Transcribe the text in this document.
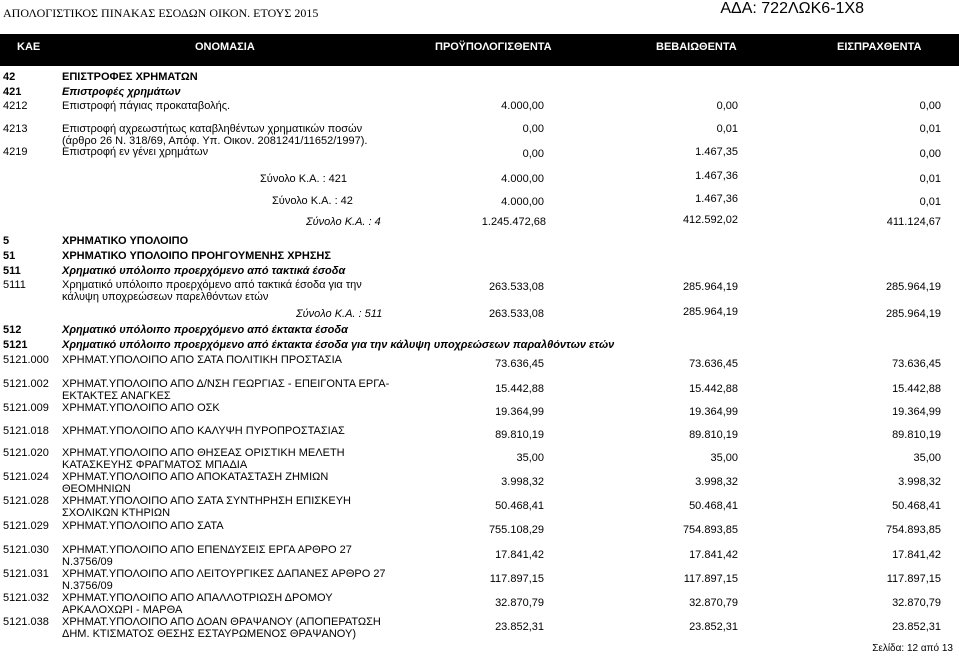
ΑΠΟΛΟΓΙΣΤΙΚΟΣ ΠΙΝΑΚΑΣ ΕΣΟΔΩΝ ΟΙΚΟΝ. ΕΤΟΥΣ 2015	ΑΔΑ: 722ΛΩΚ6-1Χ8
ΚΑΕ	ΟΝΟΜΑΣΙΑ	ΠΡΟΫΠΟΛΟΓΙΣΘΕΝΤΑ	ΒΕΒΑΙΩΘΕΝΤΑ	ΕΙΣΠΡΑΧΘΕΝΤΑ
42	ΕΠΙΣΤΡΟΦΕΣ ΧΡΗΜΑΤΩΝ
421	Επιστροφές χρημάτων
4212	Επιστροφή πάγιας προκαταβολής.	4.000,00	0,00	0,00
4213	Επιστροφή αχρεωστήτως καταβληθέντων χρηματικών ποσών
(άρθρο 26 Ν. 318/69, Απόφ. Υπ. Οικον. 2081241/11652/1997).
0,00	0,01	0,01
4219	Επιστροφή εν γένει χρημάτων	0,00	1.467,35	0,00
Σύνολο Κ.Α. : 421	4.000,00	1.467,36	0,01
Σύνολο Κ.Α. : 42	4.000,00	1.467,36	0,01
Σύνολο Κ.Α. : 4	1.245.472,68	412.592,02	411.124,67
5	ΧΡΗΜΑΤΙΚΟ ΥΠΟΛΟΙΠΟ
51	ΧΡΗΜΑΤΙΚΟ ΥΠΟΛΟΙΠΟ ΠΡΟΗΓΟΥΜΕΝΗΣ ΧΡΗΣΗΣ
511	Χρηματικό υπόλοιπο προερχόμενο από τακτικά έσοδα
5111	Χρηματικό υπόλοιπο προερχόμενο από τακτικά έσοδα για την
κάλυψη υποχρεώσεων παρελθόντων ετών
263.533,08	285.964,19	285.964,19
Σύνολο Κ.Α. : 511	263.533,08	285.964,19	285.964,19
512	Χρηματικό υπόλοιπο προερχόμενο από έκτακτα έσοδα
5121	Χρηματικό υπόλοιπο προερχόμενο από έκτακτα έσοδα για την κάλυψη υποχρεώσεων παραλθόντων ετών
5121.000 ΧΡΗΜΑΤ.ΥΠΟΛΟΙΠΟ ΑΠΟ ΣΑΤΑ ΠΟΛΙΤΙΚΗ ΠΡΟΣΤΑΣΙΑ	73.636,45	73.636,45	73.636,45
5121.002 ΧΡΗΜΑΤ.ΥΠΟΛΟΙΠΟ ΑΠΟ Δ/ΝΣΗ ΓΕΩΡΓΙΑΣ - ΕΠΕΙΓΟΝΤΑ ΕΡΓΑ-
ΕΚΤΑΚΤΕΣ ΑΝΑΓΚΕΣ
15.442,88	15.442,88	15.442,88
5121.009 ΧΡΗΜΑΤ.ΥΠΟΛΟΙΠΟ ΑΠΟ ΟΣΚ	19.364,99	19.364,99	19.364,99
5121.018 ΧΡΗΜΑΤ.ΥΠΟΛΟΙΠΟ ΑΠΟ ΚΑΛΥΨΗ ΠΥΡΟΠΡΟΣΤΑΣΙΑΣ	89.810,19	89.810,19	89.810,19
5121.020 ΧΡΗΜΑΤ.ΥΠΟΛΟΙΠΟ ΑΠΟ ΘΗΣΕΑΣ ΟΡΙΣΤΙΚΗ ΜΕΛΕΤΗ
ΚΑΤΑΣΚΕΥΗΣ ΦΡΑΓΜΑΤΟΣ ΜΠΑΔΙΑ
35,00	35,00	35,00
5121.024 ΧΡΗΜΑΤ.ΥΠΟΛΟΙΠΟ ΑΠΟ ΑΠΟΚΑΤΑΣΤΑΣΗ ΖΗΜΙΩΝ
ΘΕΟΜΗΝΙΩΝ
3.998,32	3.998,32	3.998,32
5121.028 ΧΡΗΜΑΤ.ΥΠΟΛΟΙΠΟ ΑΠΟ ΣΑΤΑ ΣΥΝΤΗΡΗΣΗ ΕΠΙΣΚΕΥΗ
ΣΧΟΛΙΚΩΝ ΚΤΗΡΙΩΝ
50.468,41	50.468,41	50.468,41
5121.029 ΧΡΗΜΑΤ.ΥΠΟΛΟΙΠΟ ΑΠΟ ΣΑΤΑ	755.108,29	754.893,85	754.893,85
5121.030 ΧΡΗΜΑΤ.ΥΠΟΛΟΙΠΟ ΑΠΟ ΕΠΕΝΔΥΣΕΙΣ ΕΡΓΑ ΑΡΘΡΟ 27
Ν.3756/09
17.841,42	17.841,42	17.841,42
5121.031 ΧΡΗΜΑΤ.ΥΠΟΛΟΙΠΟ ΑΠΟ ΛΕΙΤΟΥΡΓΙΚΕΣ ΔΑΠΑΝΕΣ ΑΡΘΡΟ 27
Ν.3756/09
117.897,15	117.897,15	117.897,15
5121.032 ΧΡΗΜΑΤ.ΥΠΟΛΟΙΠΟ ΑΠΟ ΑΠΑΛΛΟΤΡΙΩΣΗ ΔΡΟΜΟΥ
ΑΡΚΑΛΟΧΩΡΙ - ΜΑΡΘΑ
32.870,79	32.870,79	32.870,79
5121.038 ΧΡΗΜΑΤ.ΥΠΟΛΟΙΠΟ ΑΠΟ ΔΟΑΝ ΘΡΑΨΑΝΟΥ (ΑΠΟΠΕΡΑΤΩΣΗ
ΔΗΜ. ΚΤΙΣΜΑΤΟΣ ΘΕΣΗΣ ΕΣΤΑΥΡΩΜΕΝΟΣ ΘΡΑΨΑΝΟΥ)
23.852,31	23.852,31	23.852,31
Σελίδα: 12 από 13
